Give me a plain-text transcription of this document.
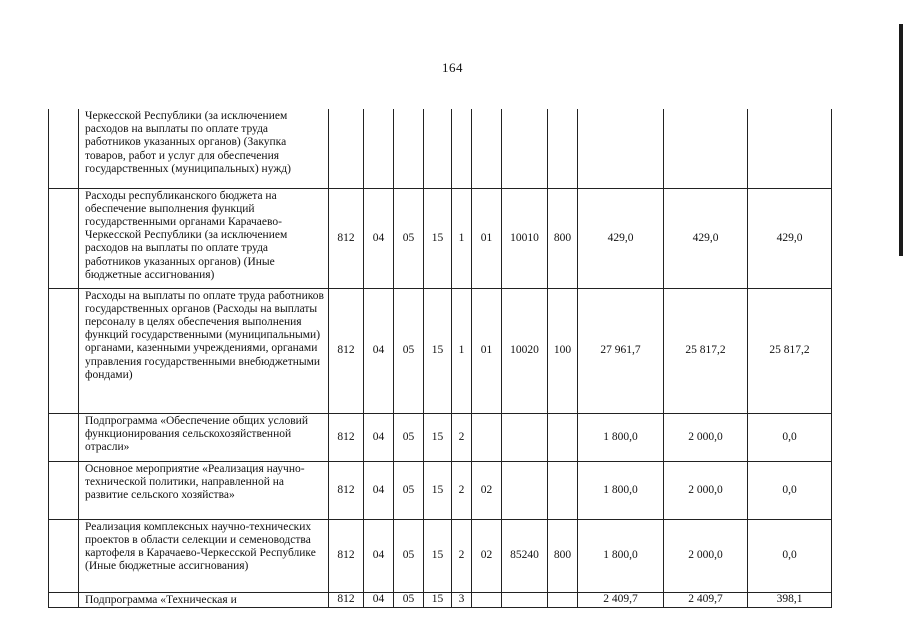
164
	Черкесской Республики (за исключением расходов на выплаты по оплате труда работников указанных органов) (Закупка товаров, работ и услуг для обеспечения государственных (муниципальных) нужд)											
	Расходы республиканского бюджета на обеспечение выполнения функций государственными органами Карачаево-Черкесской Республики (за исключением расходов на выплаты по оплате труда работников указанных органов) (Иные бюджетные ассигнования)	812	04	05	15	1	01	10010	800	429,0	429,0	429,0
	Расходы на выплаты по оплате труда работников государственных органов (Расходы на выплаты персоналу в целях обеспечения выполнения функций государственными (муниципальными) органами, казенными учреждениями, органами управления государственными внебюджетными фондами)	812	04	05	15	1	01	10020	100	27 961,7	25 817,2	25 817,2
	Подпрограмма «Обеспечение общих условий функционирования сельскохозяйственной отрасли»	812	04	05	15	2				1 800,0	2 000,0	0,0
	Основное мероприятие «Реализация научно-технической политики, направленной на развитие сельского хозяйства»	812	04	05	15	2	02			1 800,0	2 000,0	0,0
	Реализация комплексных научно-технических проектов в области селекции и семеноводства картофеля в Карачаево-Черкесской Республике (Иные бюджетные ассигнования)	812	04	05	15	2	02	85240	800	1 800,0	2 000,0	0,0
	Подпрограмма «Техническая и	812	04	05	15	3				2 409,7	2 409,7	398,1
